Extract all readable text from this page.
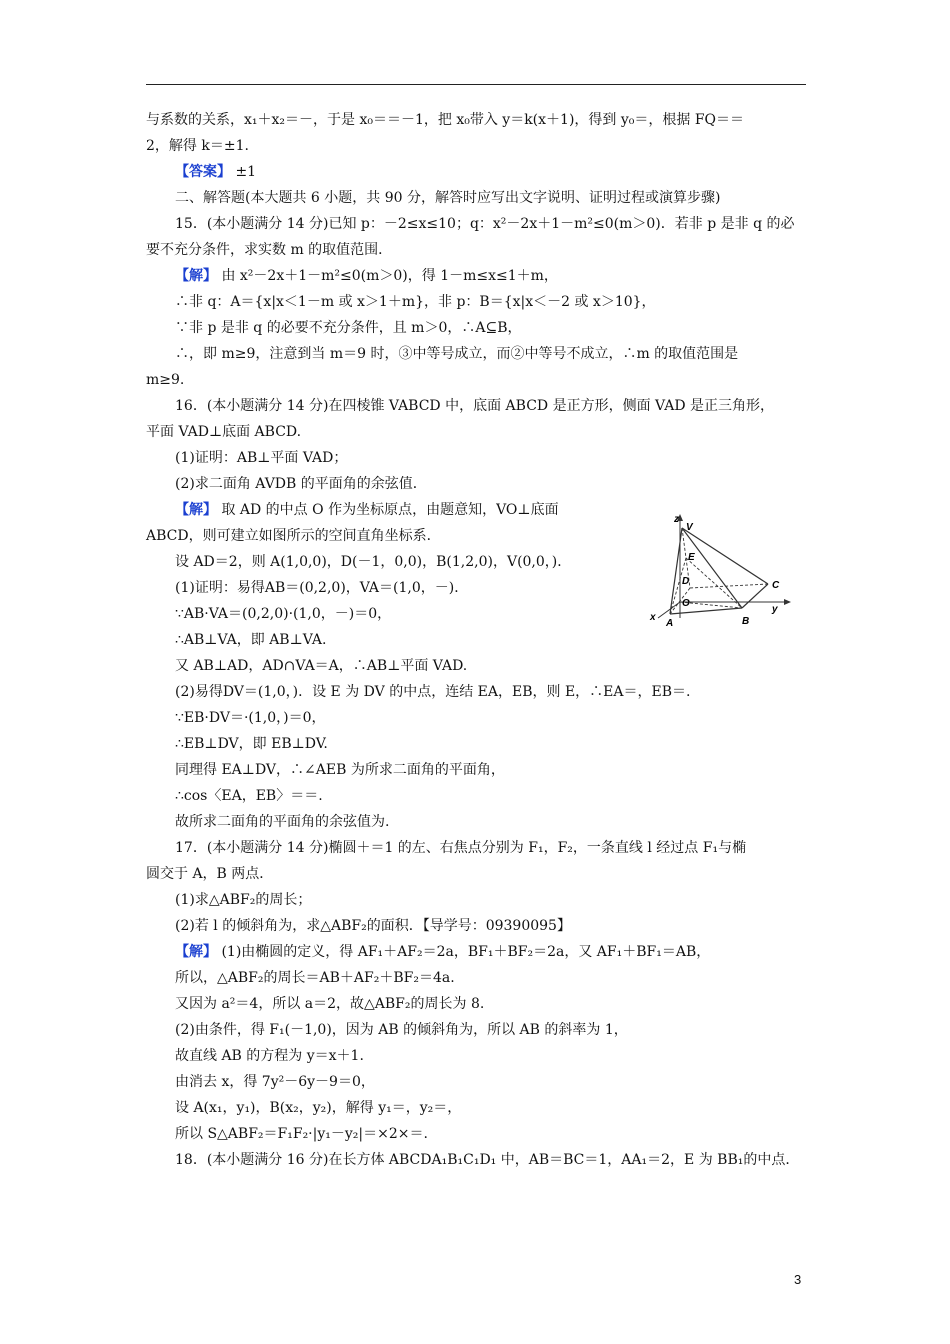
与系数的关系，x₁＋x₂＝－，于是 x₀＝＝－1，把 x₀带入 y＝k(x＋1)，得到 y₀＝，根据 FQ＝＝
2，解得 k＝±1.
【答案】 ±1
二、解答题(本大题共 6 小题，共 90 分，解答时应写出文字说明、证明过程或演算步骤)
15．(本小题满分 14 分)已知 p：－2≤x≤10；q：x²－2x＋1－m²≤0(m＞0)．若非 p 是非 q 的必
要不充分条件，求实数 m 的取值范围．
【解】 由 x²－2x＋1－m²≤0(m＞0)，得 1－m≤x≤1＋m，
∴非 q：A＝{x|x＜1－m 或 x＞1＋m}，非 p：B＝{x|x＜－2 或 x＞10}，
∵非 p 是非 q 的必要不充分条件，且 m＞0，∴A⊆B，
∴，即 m≥9，注意到当 m＝9 时，③中等号成立，而②中等号不成立，∴m 的取值范围是
m≥9.
16．(本小题满分 14 分)在四棱锥 VABCD 中，底面 ABCD 是正方形，侧面 VAD 是正三角形，
平面 VAD⊥底面 ABCD.
(1)证明：AB⊥平面 VAD；
(2)求二面角 AVDB 的平面角的余弦值．
【解】 取 AD 的中点 O 作为坐标原点，由题意知，VO⊥底面
ABCD，则可建立如图所示的空间直角坐标系．
设 AD＝2，则 A(1,0,0)，D(－1，0,0)，B(1,2,0)，V(0,0，)．
(1)证明：易得AB＝(0,2,0)，VA＝(1,0，－)．
∵AB·VA＝(0,2,0)·(1,0，－)＝0，
∴AB⊥VA，即 AB⊥VA.
又 AB⊥AD，AD∩VA＝A，∴AB⊥平面 VAD.
(2)易得DV＝(1,0，)．设 E 为 DV 的中点，连结 EA，EB，则 E，∴EA＝，EB＝.
∵EB·DV＝·(1,0，)＝0，
∴EB⊥DV，即 EB⊥DV.
同理得 EA⊥DV，∴∠AEB 为所求二面角的平面角，
∴cos〈EA，EB〉＝＝.
故所求二面角的平面角的余弦值为.
17．(本小题满分 14 分)椭圆＋＝1 的左、右焦点分别为 F₁，F₂，一条直线 l 经过点 F₁与椭
圆交于 A，B 两点．
(1)求△ABF₂的周长；
(2)若 l 的倾斜角为，求△ABF₂的面积．【导学号：09390095】
【解】 (1)由椭圆的定义，得 AF₁＋AF₂＝2a，BF₁＋BF₂＝2a，又 AF₁＋BF₁＝AB，
所以，△ABF₂的周长＝AB＋AF₂＋BF₂＝4a.
又因为 a²＝4，所以 a＝2，故△ABF₂的周长为 8.
(2)由条件，得 F₁(－1,0)，因为 AB 的倾斜角为，所以 AB 的斜率为 1，
故直线 AB 的方程为 y＝x＋1.
由消去 x，得 7y²－6y－9＝0，
设 A(x₁，y₁)，B(x₂，y₂)，解得 y₁＝，y₂＝，
所以 S△ABF₂＝F₁F₂·|y₁－y₂|＝×2×＝.
18．(本小题满分 16 分)在长方体 ABCDA₁B₁C₁D₁ 中，AB＝BC＝1，AA₁＝2，E 为 BB₁的中点．
z
V
E
D
O
C
y
x
A	B
3
